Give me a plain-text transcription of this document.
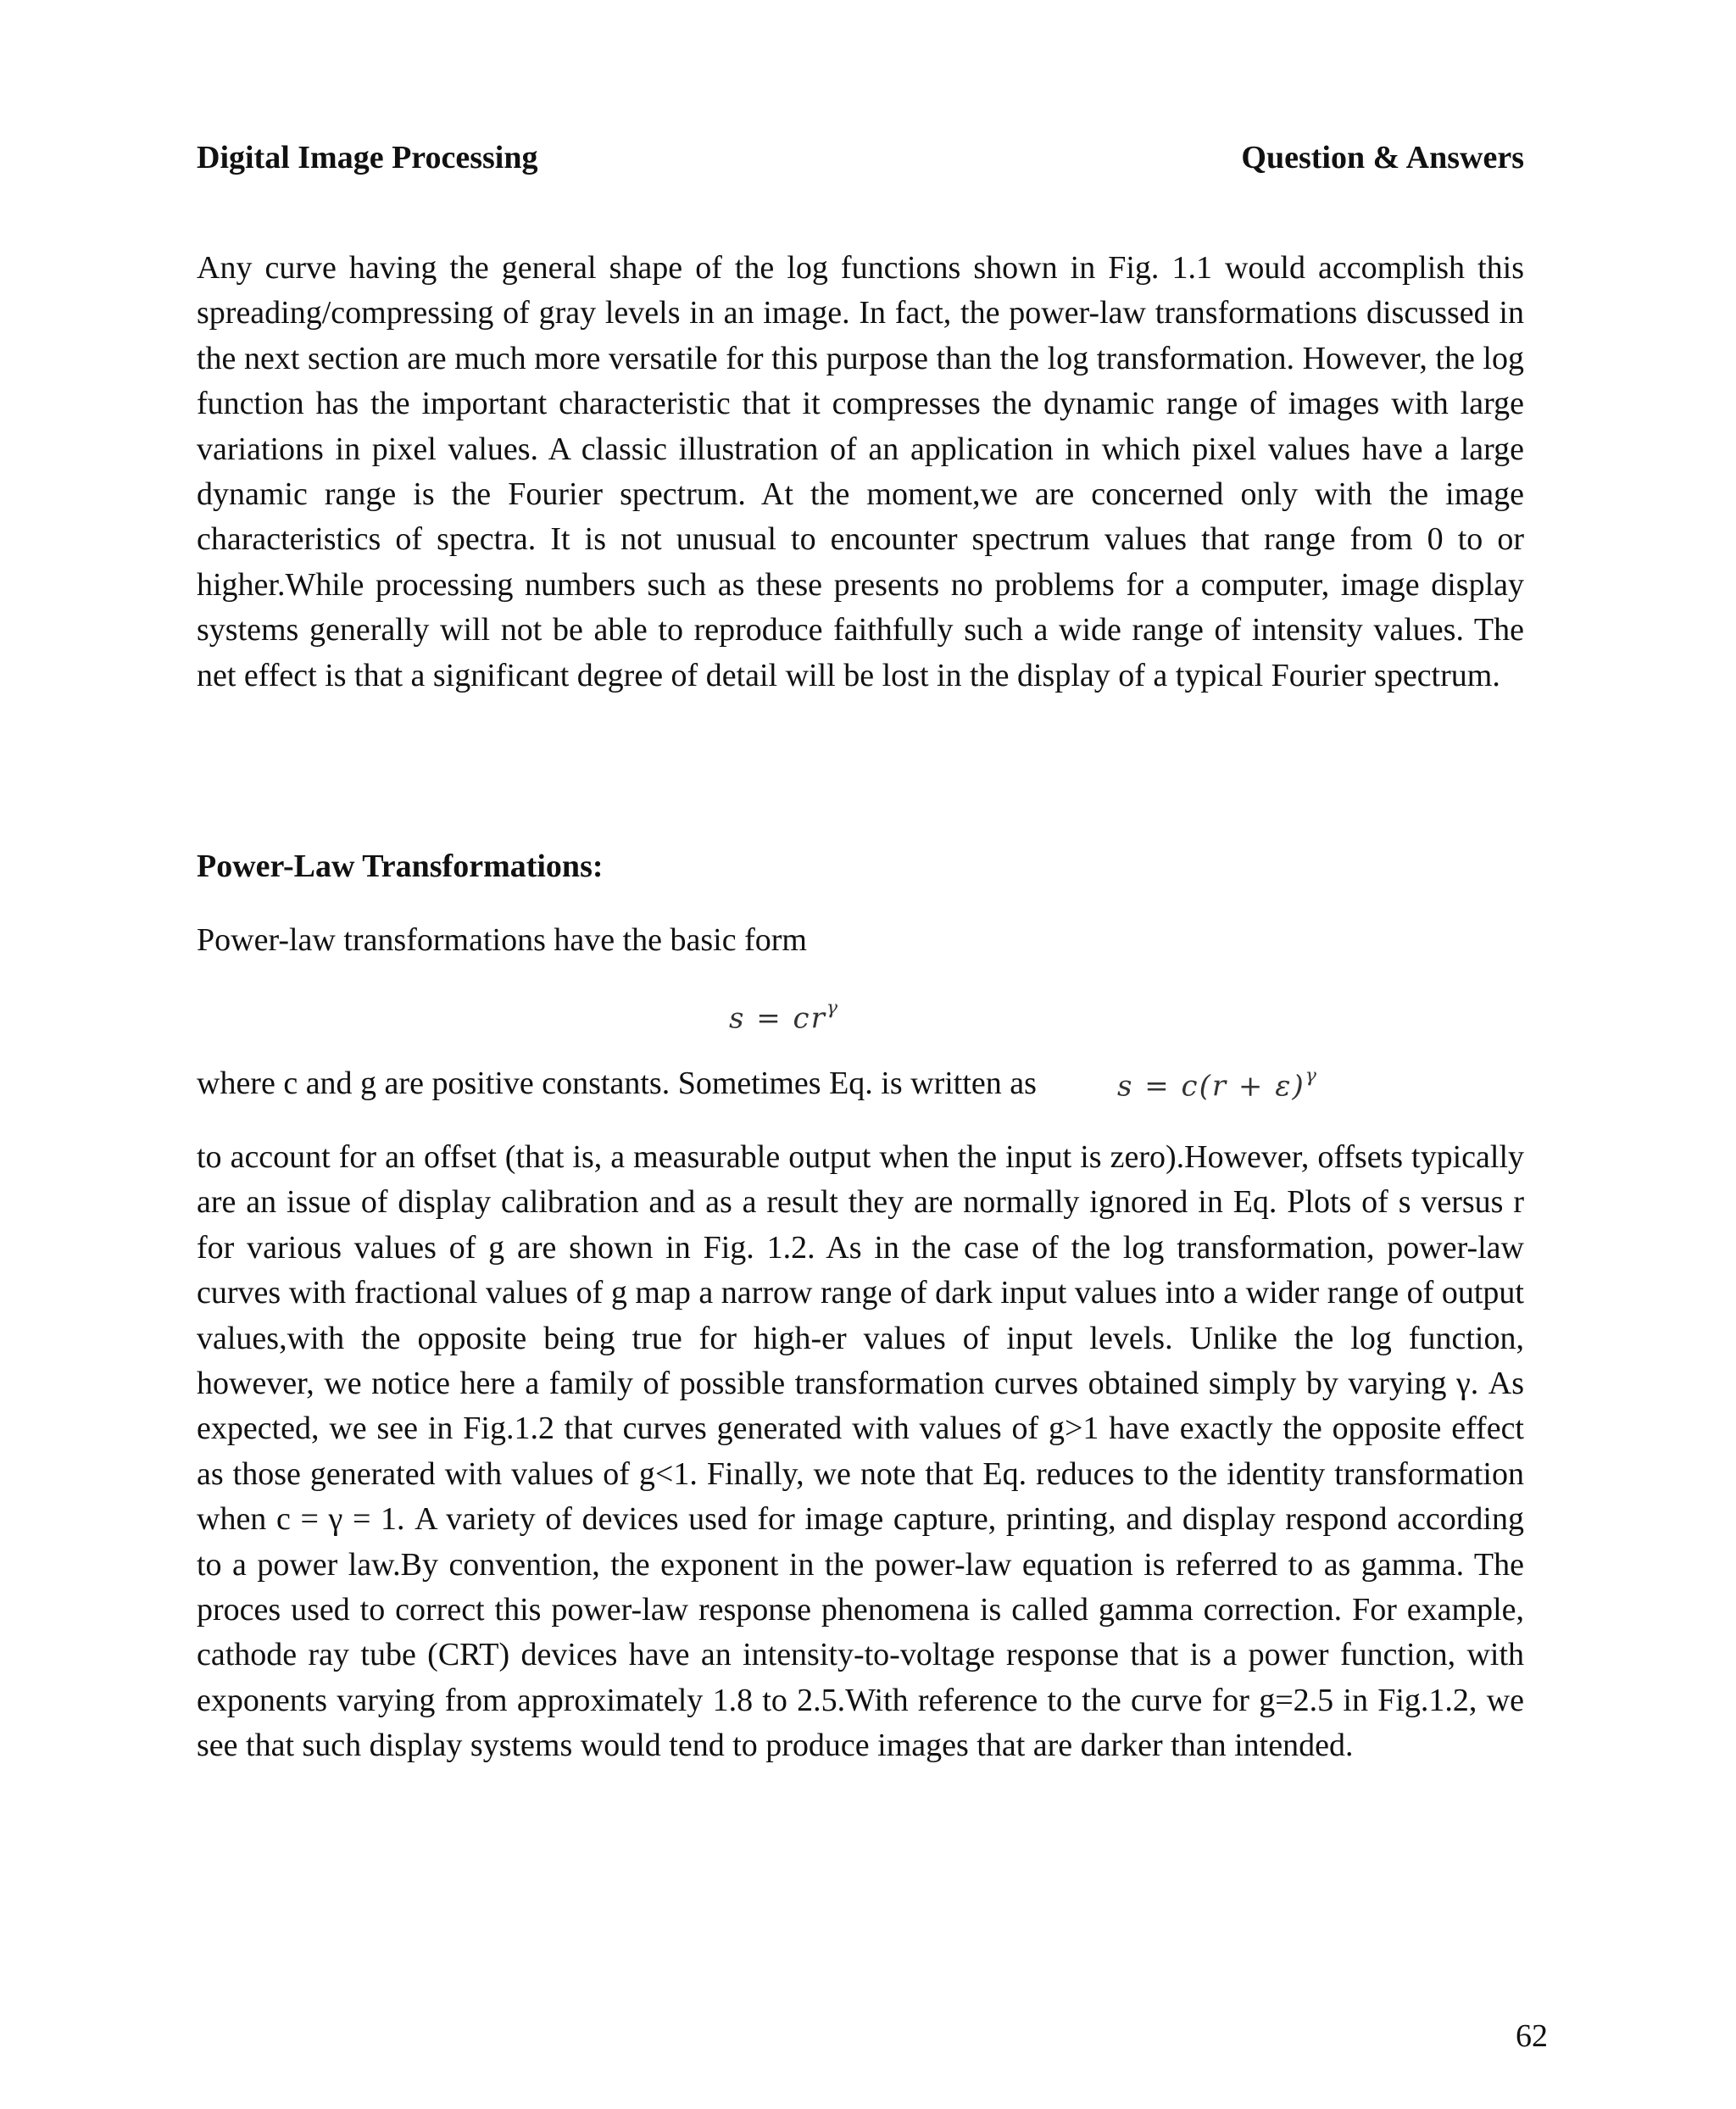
Digital Image Processing	Question & Answers

Any curve having the general shape of the log functions shown in Fig. 1.1 would accomplish this spreading/compressing of gray levels in an image. In fact, the power-law transformations discussed in the next section are much more versatile for this purpose than the log transformation. However, the log function has the important characteristic that it compresses the dynamic range of images with large variations in pixel values. A classic illustration of an application in which pixel values have a large dynamic range is the Fourier spectrum. At the moment,we are concerned only with the image characteristics of spectra. It is not unusual to encounter spectrum values that range from 0 to or higher.While processing numbers such as these presents no problems for a computer, image display systems generally will not be able to reproduce faithfully such a wide range of intensity values. The net effect is that a significant degree of detail will be lost in the display of a typical Fourier spectrum.

Power-Law Transformations:

Power-law transformations have the basic form

$s = cr^\gamma$

where c and g are positive constants. Sometimes Eq. is written as	$s = c(r + \varepsilon)^\gamma$

to account for an offset (that is, a measurable output when the input is zero).However, offsets typically are an issue of display calibration and as a result they are normally ignored in Eq. Plots of s versus r for various values of g are shown in Fig. 1.2. As in the case of the log transformation, power-law curves with fractional values of g map a narrow range of dark input values into a wider range of output values,with the opposite being true for high-er values of input levels. Unlike the log function, however, we notice here a family of possible transformation curves obtained simply by varying γ. As expected, we see in Fig.1.2 that curves generated with values of g>1 have exactly the opposite effect as those generated with values of g<1. Finally, we note that Eq. reduces to the identity transformation when c = γ = 1. A variety of devices used for image capture, printing, and display respond according to a power law.By convention, the exponent in the power-law equation is referred to as gamma. The proces used to correct this power-law response phenomena is called gamma correction. For example, cathode ray tube (CRT) devices have an intensity-to-voltage response that is a power function, with exponents varying from approximately 1.8 to 2.5.With reference to the curve for g=2.5 in Fig.1.2, we see that such display systems would tend to produce images that are darker than intended.

62
